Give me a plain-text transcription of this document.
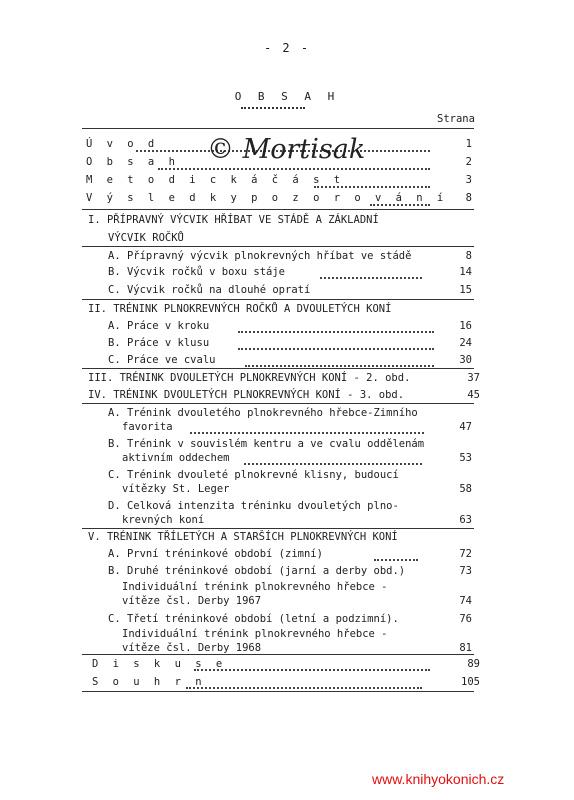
- 2 -
O B S A H
Strana
Ú v o d	1
O b s a h	2
M e t o d i c k á č á s t	3
V ý s l e d k y p o z o r o v á n í	8
© Mortisak
I. PŘÍPRAVNÝ VÝCVIK HŘÍBAT VE STÁDĚ A ZÁKLADNÍ
VÝCVIK ROČKŮ
A. Přípravný výcvik plnokrevných hříbat ve stádě	8
B. Výcvik ročků v boxu stáje	14
C. Výcvik ročků na dlouhé opratí	15
II. TRÉNINK PLNOKREVNÝCH ROČKŮ A DVOULETÝCH KONÍ
A. Práce v kroku	16
B. Práce v klusu	24
C. Práce ve cvalu	30
III. TRÉNINK DVOULETÝCH PLNOKREVNÝCH KONÍ - 2. obd.	37
IV. TRÉNINK DVOULETÝCH PLNOKREVNÝCH KONÍ - 3. obd.	45
A. Trénink dvouletého plnokrevného hřebce-Zimního
favorita	47
B. Trénink v souvislém kentru a ve cvalu oddělenám
aktivním oddechem	53
C. Trénink dvouleté plnokrevné klisny, budoucí
vítězky St. Leger	58
D. Celková intenzita tréninku dvouletých plno-
krevných koní	63
V. TRÉNINK TŘÍLETÝCH A STARŠÍCH PLNOKREVNÝCH KONÍ
A. První tréninkové období (zimní)	72
B. Druhé tréninkové období (jarní a derby obd.)	73
Individuální trénink plnokrevného hřebce -
vítěze čsl. Derby 1967	74
C. Třetí tréninkové období (letní a podzimní).	76
Individuální trénink plnokrevného hřebce -
vítěze čsl. Derby 1968	81
D i s k u s e	89
S o u h r n	105
www.knihyokonich.cz
